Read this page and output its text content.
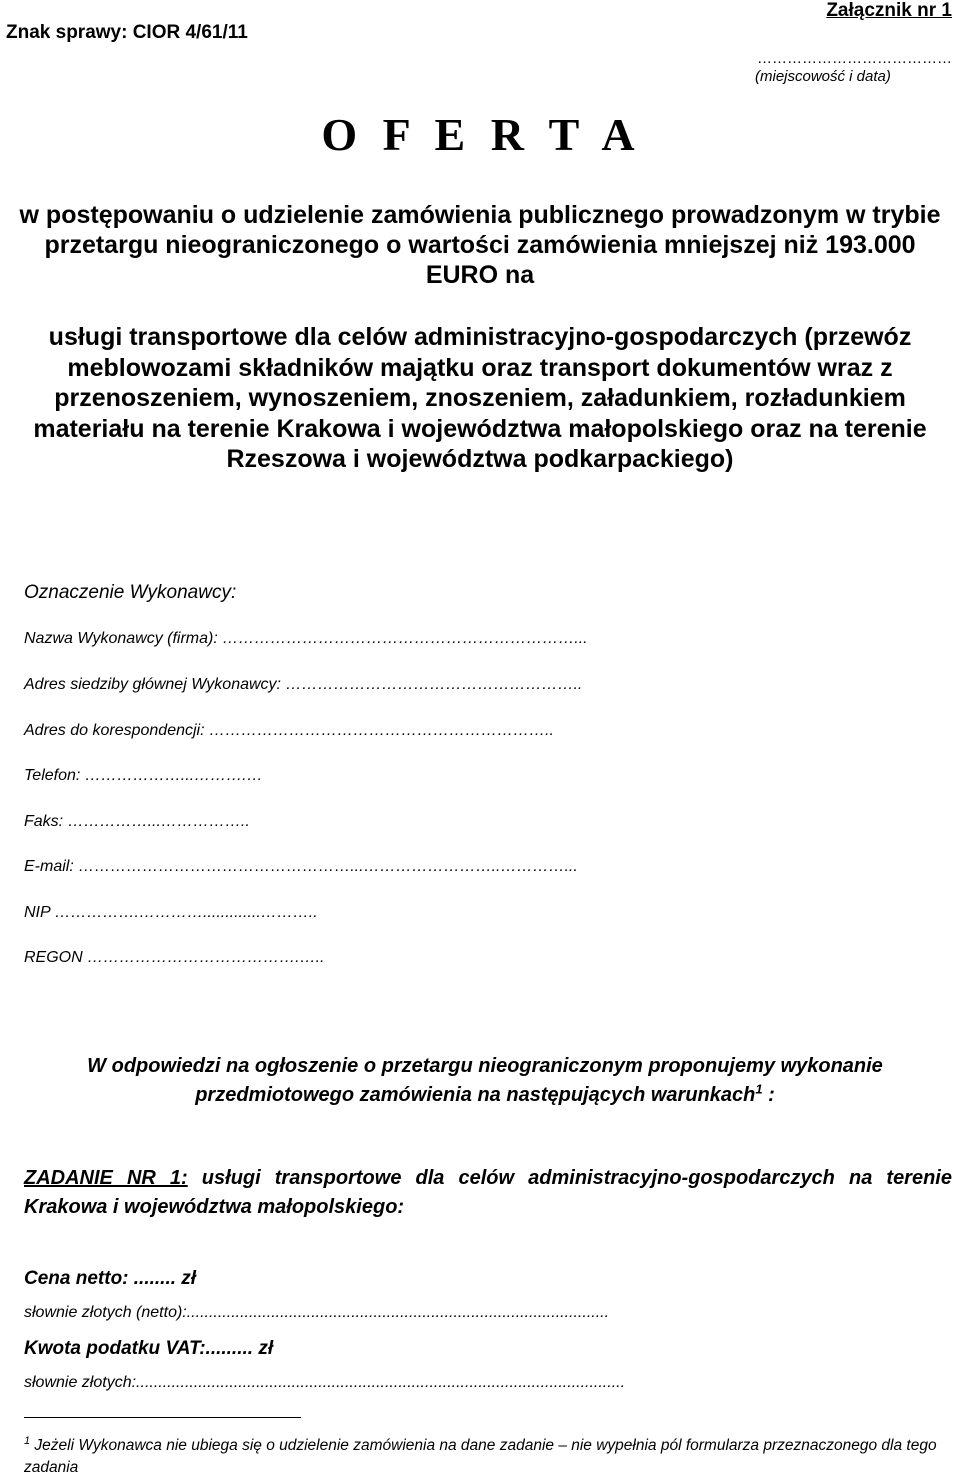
Znak sprawy: CIOR 4/61/11
Załącznik nr 1
…………………………………
(miejscowość i data)
O F E R T A
w postępowaniu o udzielenie zamówienia publicznego prowadzonym w trybie przetargu nieograniczonego o wartości zamówienia mniejszej niż 193.000 EURO na
usługi transportowe dla celów administracyjno-gospodarczych (przewóz meblowozami składników majątku oraz transport dokumentów wraz z przenoszeniem, wynoszeniem, znoszeniem, załadunkiem, rozładunkiem materiału na terenie Krakowa i województwa małopolskiego oraz na terenie Rzeszowa i województwa podkarpackiego)
Oznaczenie Wykonawcy:
Nazwa Wykonawcy (firma): …………………………………………………………...
Adres siedziby głównej Wykonawcy: ………………………………………………..
Adres do korespondencji: ………………………………………………………..
Telefon: ………………...……….…
Faks: ……………...……………..
E-mail: ……………………………………………...……………………..…………...
NIP …………….………….............………..
REGON ………………………………….…..
W odpowiedzi na ogłoszenie o przetargu nieograniczonym proponujemy wykonanie przedmiotowego zamówienia na następujących warunkach$^1$ :
ZADANIE NR 1: usługi transportowe dla celów administracyjno-gospodarczych na terenie Krakowa i województwa małopolskiego:
Cena netto: ........ zł
słownie złotych (netto):...............................................................................................
Kwota podatku VAT:......... zł
słownie złotych:..............................................................................................................
$^1$ Jeżeli Wykonawca nie ubiega się o udzielenie zamówienia na dane zadanie – nie wypełnia pól formularza przeznaczonego dla tego zadania
